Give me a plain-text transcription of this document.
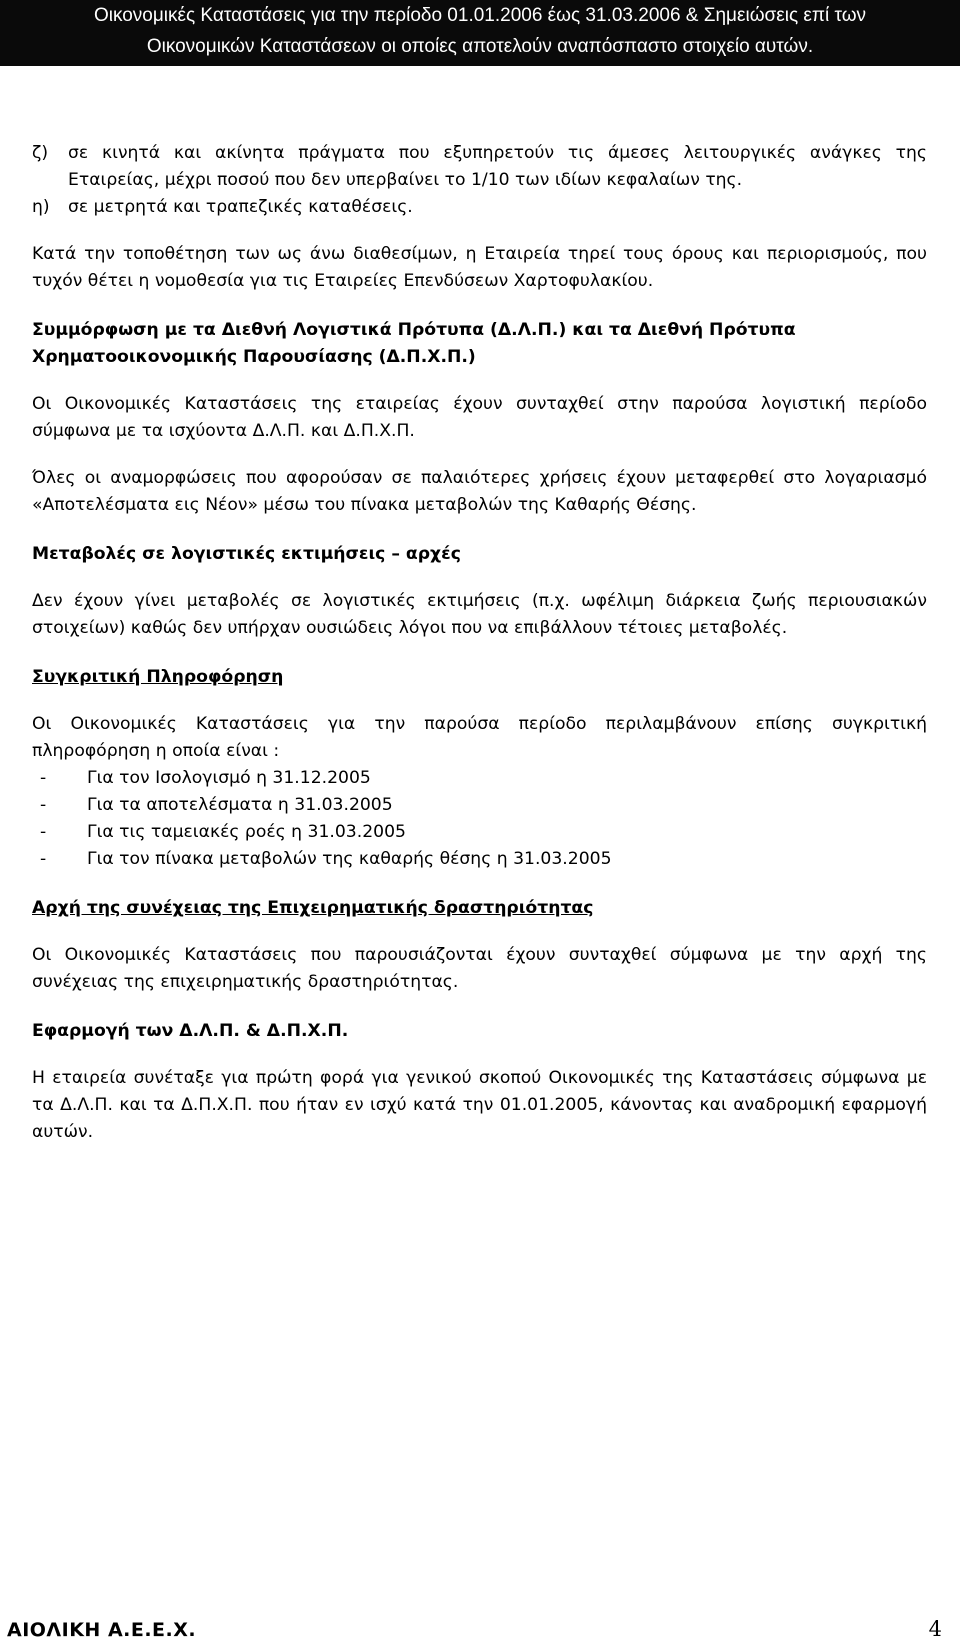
Οικονομικές Καταστάσεις για την περίοδο 01.01.2006 έως 31.03.2006 & Σημειώσεις επί των
Οικονομικών Καταστάσεων οι οποίες αποτελούν αναπόσπαστο στοιχείο αυτών.
ζ)	σε κινητά και ακίνητα πράγματα που εξυπηρετούν τις άμεσες λειτουργικές ανάγκες της Εταιρείας, μέχρι ποσού που δεν υπερβαίνει το 1/10 των ιδίων κεφαλαίων της.
η)	σε μετρητά και τραπεζικές καταθέσεις.

Κατά την τοποθέτηση των ως άνω διαθεσίμων, η Εταιρεία τηρεί τους όρους και περιορισμούς, που τυχόν θέτει η νομοθεσία για τις Εταιρείες Επενδύσεων Χαρτοφυλακίου.

Συμμόρφωση με τα Διεθνή Λογιστικά Πρότυπα (Δ.Λ.Π.) και τα Διεθνή Πρότυπα Χρηματοοικονομικής Παρουσίασης (Δ.Π.Χ.Π.)

Οι Οικονομικές Καταστάσεις της εταιρείας έχουν συνταχθεί στην παρούσα λογιστική περίοδο σύμφωνα με τα ισχύοντα Δ.Λ.Π. και Δ.Π.Χ.Π.

Όλες οι αναμορφώσεις που αφορούσαν σε παλαιότερες χρήσεις έχουν μεταφερθεί στο λογαριασμό «Αποτελέσματα εις Νέον» μέσω του πίνακα μεταβολών της Καθαρής Θέσης.

Μεταβολές σε λογιστικές εκτιμήσεις – αρχές

Δεν έχουν γίνει μεταβολές σε λογιστικές εκτιμήσεις (π.χ. ωφέλιμη διάρκεια ζωής περιουσιακών στοιχείων) καθώς δεν υπήρχαν ουσιώδεις λόγοι που να επιβάλλουν τέτοιες μεταβολές.

Συγκριτική Πληροφόρηση

Οι Οικονομικές Καταστάσεις για την παρούσα περίοδο περιλαμβάνουν επίσης συγκριτική πληροφόρηση η οποία είναι :

-	Για τον Ισολογισμό η 31.12.2005
-	Για τα αποτελέσματα η 31.03.2005
-	Για τις ταμειακές ροές η 31.03.2005
-	Για τον πίνακα μεταβολών της καθαρής θέσης η 31.03.2005
Αρχή της συνέχειας της Επιχειρηματικής δραστηριότητας

Οι Οικονομικές Καταστάσεις που παρουσιάζονται έχουν συνταχθεί σύμφωνα με την αρχή της συνέχειας της επιχειρηματικής δραστηριότητας.

Εφαρμογή των Δ.Λ.Π. & Δ.Π.Χ.Π.

Η εταιρεία συνέταξε για πρώτη φορά για γενικού σκοπού Οικονομικές της Καταστάσεις σύμφωνα με τα Δ.Λ.Π. και τα Δ.Π.Χ.Π. που ήταν εν ισχύ κατά την 01.01.2005, κάνοντας και αναδρομική εφαρμογή αυτών.

ΑΙΟΛΙΚΗ Α.Ε.Ε.Χ.	4
